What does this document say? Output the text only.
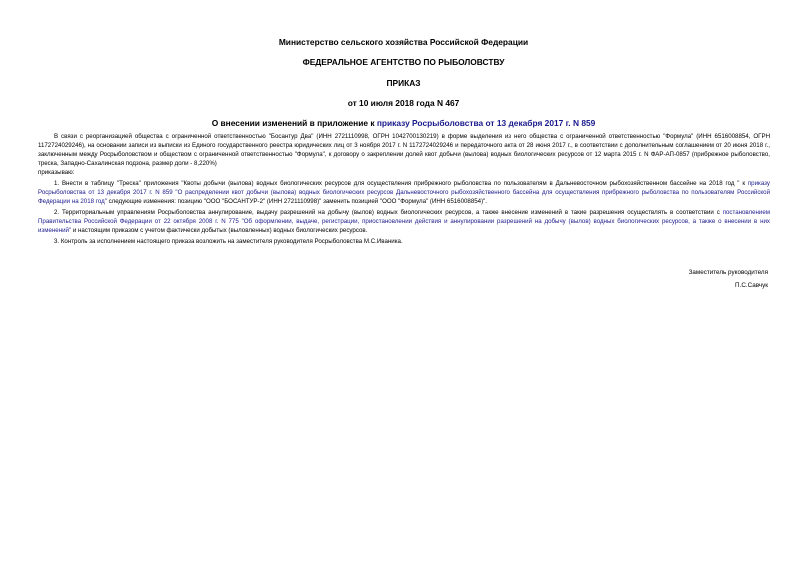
Министерство сельского хозяйства Российской Федерации
ФЕДЕРАЛЬНОЕ АГЕНТСТВО ПО РЫБОЛОВСТВУ
ПРИКАЗ
от 10 июля 2018 года N 467
О внесении изменений в приложение к приказу Росрыболовства от 13 декабря 2017 г. N 859

В связи с реорганизацией общества с ограниченной ответственностью "Босантур Два" (ИНН 2721110998, ОГРН 1042700130219) в форме выделения из него общества с ограниченной ответственностью "Формула" (ИНН 6516008854, ОГРН 1172724029246), на основании записи из выписки из Единого государственного реестра юридических лиц от 3 ноября 2017 г. N 1172724029246 и передаточного акта от 28 июня 2017 г., в соответствии с дополнительным соглашением от 20 июня 2018 г., заключенным между Росрыболовством и обществом с ограниченной ответственностью "Формула", к договору о закреплении долей квот добычи (вылова) водных биологических ресурсов от 12 марта 2015 г. N ФАР-АП-0857 (прибрежное рыболовство, треска, Западно-Сахалинская подзона, размер доли - 8,220%)

приказываю:

1. Внести в таблицу "Треска" приложения "Квоты добычи (вылова) водных биологических ресурсов для осуществления прибрежного рыболовства по пользователям в Дальневосточном рыбохозяйственном бассейне на 2018 год " к приказу Росрыболовства от 13 декабря 2017 г. N 859 "О распределении квот добычи (вылова) водных биологических ресурсов Дальневосточного рыбохозяйственного бассейна для осуществления прибрежного рыболовства по пользователям Российской Федерации на 2018 год" следующие изменения: позицию "ООО "БОСАНТУР-2" (ИНН 2721110998)" заменить позицией "ООО "Формула" (ИНН 6516008854)".

2. Территориальным управлениям Росрыболовства аннулирование, выдачу разрешений на добычу (вылов) водных биологических ресурсов, а также внесение изменений в такие разрешения осуществлять в соответствии с постановлением Правительства Российской Федерации от 22 октября 2008 г. N 775 "Об оформлении, выдаче, регистрации, приостановлении действия и аннулировании разрешений на добычу (вылов) водных биологических ресурсов, а также о внесении в них изменений" и настоящим приказом с учетом фактически добытых (выловленных) водных биологических ресурсов.

3. Контроль за исполнением настоящего приказа возложить на заместителя руководителя Росрыболовства М.С.Иваника.

Заместитель руководителя
П.С.Савчук
